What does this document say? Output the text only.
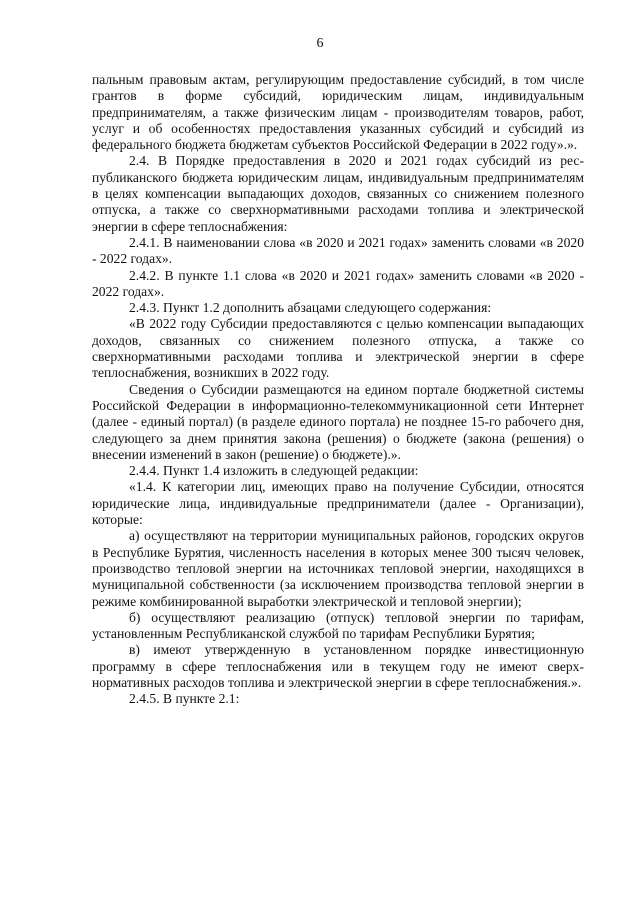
6

пальным правовым актам, регулирующим предоставление субсидий, в том числе грантов в форме субсидий, юридическим лицам, индивидуальным предпринимателям, а также физическим лицам - производителям товаров, работ, услуг и об особенностях предоставления указанных субсидий и субсидий из федерального бюджета бюджетам субъектов Российской Федерации в 2022 году».».

2.4. В Порядке предоставления в 2020 и 2021 годах субсидий из республиканского бюджета юридическим лицам, индивидуальным предпринимателям в целях компенсации выпадающих доходов, связанных со снижением полезного отпуска, а также со сверхнормативными расходами топлива и электрической энергии в сфере теплоснабжения:

2.4.1. В наименовании слова «в 2020 и 2021 годах» заменить словами «в 2020 - 2022 годах».

2.4.2. В пункте 1.1 слова «в 2020 и 2021 годах» заменить словами «в 2020 - 2022 годах».

2.4.3. Пункт 1.2 дополнить абзацами следующего содержания:

«В 2022 году Субсидии предоставляются с целью компенсации выпадающих доходов, связанных со снижением полезного отпуска, а также со сверхнормативными расходами топлива и электрической энергии в сфере теплоснабжения, возникших в 2022 году.

Сведения о Субсидии размещаются на едином портале бюджетной системы Российской Федерации в информационно-телекоммуникационной сети Интернет (далее - единый портал) (в разделе единого портала) не позднее 15-го рабочего дня, следующего за днем принятия закона (решения) о бюджете (закона (решения) о внесении изменений в закон (решение) о бюджете).».

2.4.4. Пункт 1.4 изложить в следующей редакции:

«1.4. К категории лиц, имеющих право на получение Субсидии, относятся юридические лица, индивидуальные предприниматели (далее - Организации), которые:

а) осуществляют на территории муниципальных районов, городских округов в Республике Бурятия, численность населения в которых менее 300 тысяч человек, производство тепловой энергии на источниках тепловой энергии, находящихся в муниципальной собственности (за исключением производства тепловой энергии в режиме комбинированной выработки электрической и тепловой энергии);

б) осуществляют реализацию (отпуск) тепловой энергии по тарифам, установленным Республиканской службой по тарифам Республики Бурятия;

в) имеют утвержденную в установленном порядке инвестиционную программу в сфере теплоснабжения или в текущем году не имеют сверхнормативных расходов топлива и электрической энергии в сфере теплоснабжения.».

2.4.5. В пункте 2.1:
